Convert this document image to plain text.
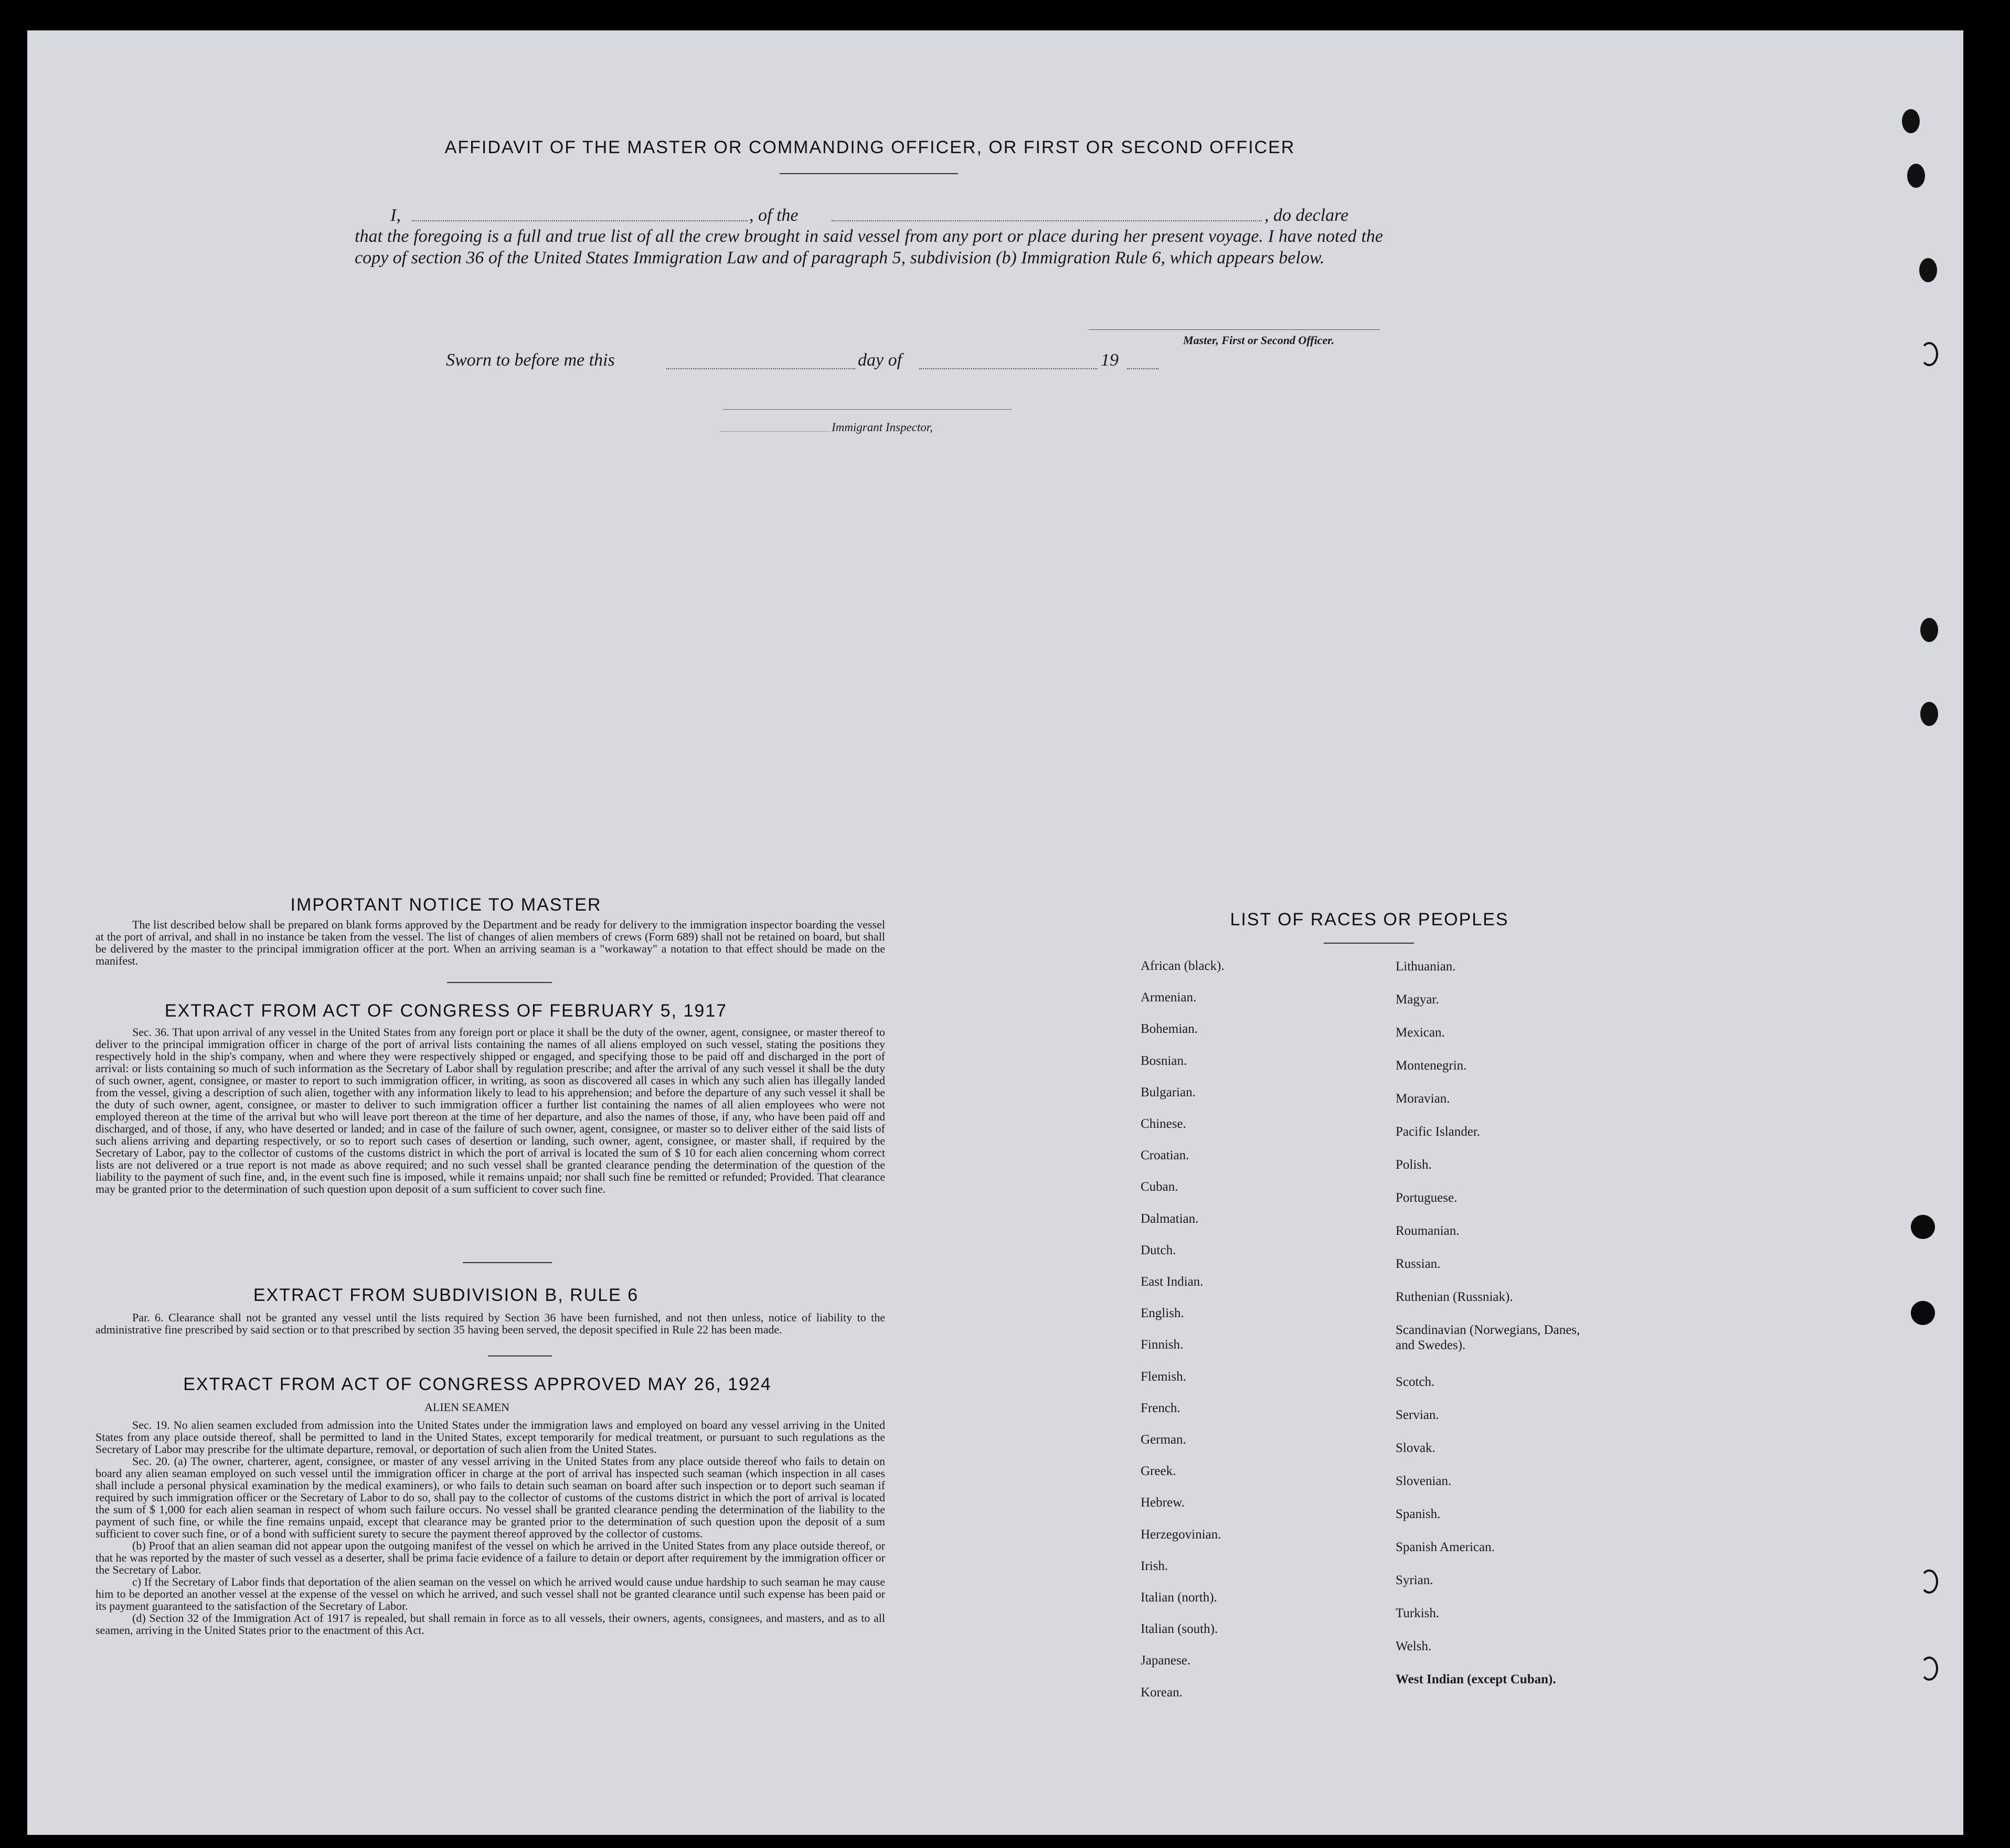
AFFIDAVIT OF THE MASTER OR COMMANDING OFFICER, OR FIRST OR SECOND OFFICER
I,	, of the	, do declare
that the foregoing is a full and true list of all the crew brought in said vessel from any port or place during her present voyage. I have noted the copy of section 36 of the United States Immigration Law and of paragraph 5, subdivision (b) Immigration Rule 6, which appears below.
Master, First or Second Officer.
Sworn to before me this	day of	19
Immigrant Inspector,
IMPORTANT NOTICE TO MASTER

The list described below shall be prepared on blank forms approved by the Department and be ready for delivery to the immigration inspector boarding the vessel at the port of arrival, and shall in no instance be taken from the vessel. The list of changes of alien members of crews (Form 689) shall not be retained on board, but shall be delivered by the master to the principal immigration officer at the port. When an arriving seaman is a "workaway" a notation to that effect should be made on the manifest.

EXTRACT FROM ACT OF CONGRESS OF FEBRUARY 5, 1917

Sec. 36. That upon arrival of any vessel in the United States from any foreign port or place it shall be the duty of the owner, agent, consignee, or master thereof to deliver to the principal immigration officer in charge of the port of arrival lists containing the names of all aliens employed on such vessel, stating the positions they respectively hold in the ship's company, when and where they were respectively shipped or engaged, and specifying those to be paid off and discharged in the port of arrival: or lists containing so much of such information as the Secretary of Labor shall by regulation prescribe; and after the arrival of any such vessel it shall be the duty of such owner, agent, consignee, or master to report to such immigration officer, in writing, as soon as discovered all cases in which any such alien has illegally landed from the vessel, giving a description of such alien, together with any information likely to lead to his apprehension; and before the departure of any such vessel it shall be the duty of such owner, agent, consignee, or master to deliver to such immigration officer a further list containing the names of all alien employees who were not employed thereon at the time of the arrival but who will leave port thereon at the time of her departure, and also the names of those, if any, who have been paid off and discharged, and of those, if any, who have deserted or landed; and in case of the failure of such owner, agent, consignee, or master so to deliver either of the said lists of such aliens arriving and departing respectively, or so to report such cases of desertion or landing, such owner, agent, consignee, or master shall, if required by the Secretary of Labor, pay to the collector of customs of the customs district in which the port of arrival is located the sum of $ 10 for each alien concerning whom correct lists are not delivered or a true report is not made as above required; and no such vessel shall be granted clearance pending the determination of the question of the liability to the payment of such fine, and, in the event such fine is imposed, while it remains unpaid; nor shall such fine be remitted or refunded; Provided. That clearance may be granted prior to the determination of such question upon deposit of a sum sufficient to cover such fine.

EXTRACT FROM SUBDIVISION B, RULE 6

Par. 6. Clearance shall not be granted any vessel until the lists required by Section 36 have been furnished, and not then unless, notice of liability to the administrative fine prescribed by said section or to that prescribed by section 35 having been served, the deposit specified in Rule 22 has been made.

EXTRACT FROM ACT OF CONGRESS APPROVED MAY 26, 1924
ALIEN SEAMEN

Sec. 19. No alien seamen excluded from admission into the United States under the immigration laws and employed on board any vessel arriving in the United States from any place outside thereof, shall be permitted to land in the United States, except temporarily for medical treatment, or pursuant to such regulations as the Secretary of Labor may prescribe for the ultimate departure, removal, or deportation of such alien from the United States.

Sec. 20. (a) The owner, charterer, agent, consignee, or master of any vessel arriving in the United States from any place outside thereof who fails to detain on board any alien seaman employed on such vessel until the immigration officer in charge at the port of arrival has inspected such seaman (which inspection in all cases shall include a personal physical examination by the medical examiners), or who fails to detain such seaman on board after such inspection or to deport such seaman if required by such immigration officer or the Secretary of Labor to do so, shall pay to the collector of customs of the customs district in which the port of arrival is located the sum of $ 1,000 for each alien seaman in respect of whom such failure occurs. No vessel shall be granted clearance pending the determination of the liability to the payment of such fine, or while the fine remains unpaid, except that clearance may be granted prior to the determination of such question upon the deposit of a sum sufficient to cover such fine, or of a bond with sufficient surety to secure the payment thereof approved by the collector of customs.

(b) Proof that an alien seaman did not appear upon the outgoing manifest of the vessel on which he arrived in the United States from any place outside thereof, or that he was reported by the master of such vessel as a deserter, shall be prima facie evidence of a failure to detain or deport after requirement by the immigration officer or the Secretary of Labor.

c) If the Secretary of Labor finds that deportation of the alien seaman on the vessel on which he arrived would cause undue hardship to such seaman he may cause him to be deported an another vessel at the expense of the vessel on which he arrived, and such vessel shall not be granted clearance until such expense has been paid or its payment guaranteed to the satisfaction of the Secretary of Labor.

(d) Section 32 of the Immigration Act of 1917 is repealed, but shall remain in force as to all vessels, their owners, agents, consignees, and masters, and as to all seamen, arriving in the United States prior to the enactment of this Act.

LIST OF RACES OR PEOPLES
African (black).
Armenian.
Bohemian.
Bosnian.
Bulgarian.
Chinese.
Croatian.
Cuban.
Dalmatian.
Dutch.
East Indian.
English.
Finnish.
Flemish.
French.
German.
Greek.
Hebrew.
Herzegovinian.
Irish.
Italian (north).
Italian (south).
Japanese.
Korean.
Lithuanian.
Magyar.
Mexican.
Montenegrin.
Moravian.
Pacific Islander.
Polish.
Portuguese.
Roumanian.
Russian.
Ruthenian (Russniak).
Scandinavian (Norwegians, Danes, and Swedes).
Scotch.
Servian.
Slovak.
Slovenian.
Spanish.
Spanish American.
Syrian.
Turkish.
Welsh.
West Indian (except Cuban).
